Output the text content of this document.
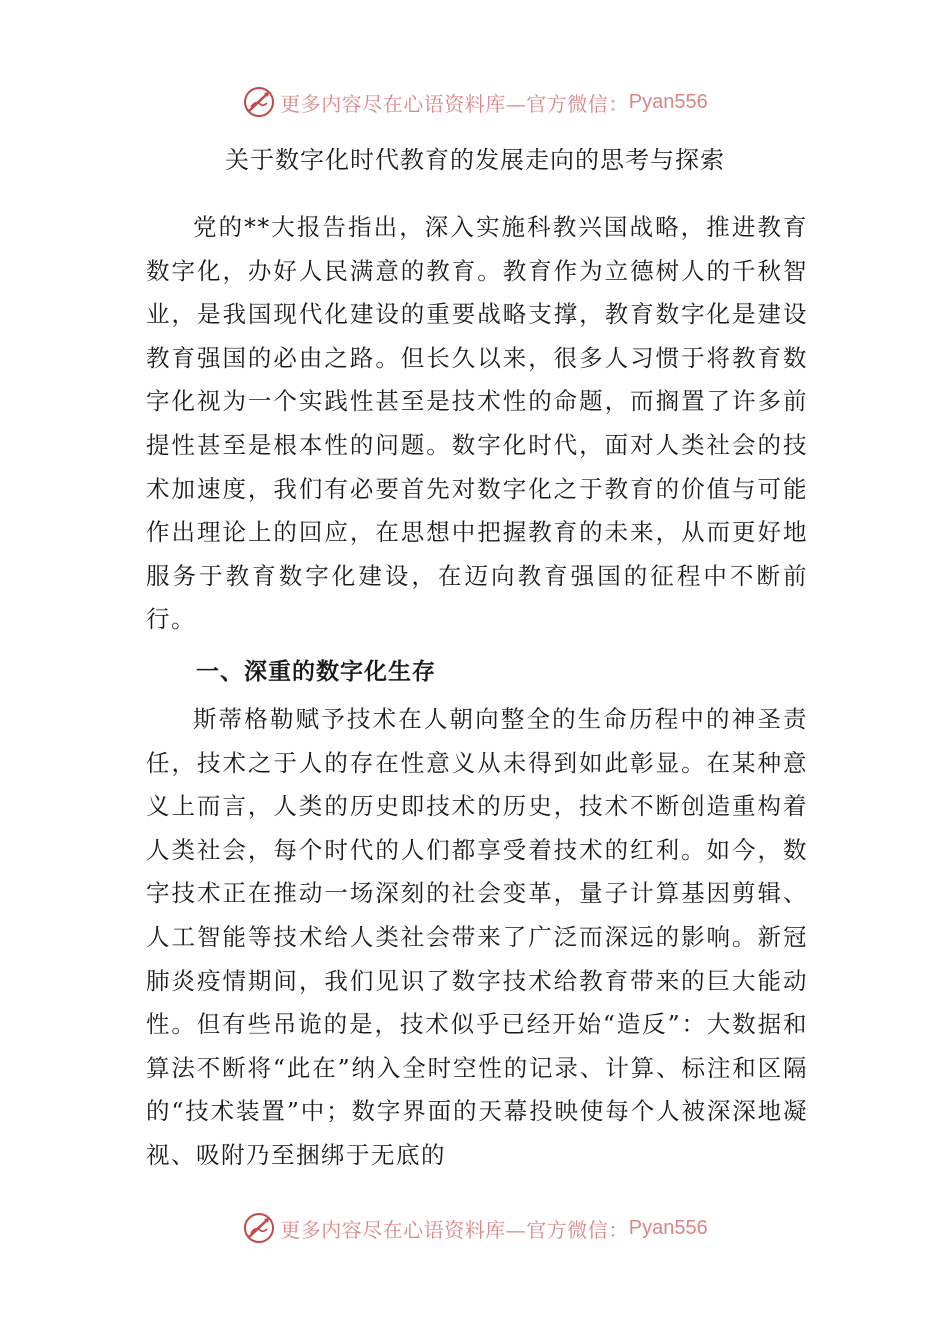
更多内容尽在心语资料库—官方微信： Pyan556
关于数字化时代教育的发展走向的思考与探索

党的**大报告指出，深入实施科教兴国战略，推进教育数字化，办好人民满意的教育。教育作为立德树人的千秋智业，是我国现代化建设的重要战略支撑，教育数字化是建设教育强国的必由之路。但长久以来，很多人习惯于将教育数字化视为一个实践性甚至是技术性的命题，而搁置了许多前提性甚至是根本性的问题。数字化时代，面对人类社会的技术加速度，我们有必要首先对数字化之于教育的价值与可能作出理论上的回应，在思想中把握教育的未来，从而更好地服务于教育数字化建设，在迈向教育强国的征程中不断前行。

一、深重的数字化生存

斯蒂格勒赋予技术在人朝向整全的生命历程中的神圣责任，技术之于人的存在性意义从未得到如此彰显。在某种意义上而言，人类的历史即技术的历史，技术不断创造重构着人类社会，每个时代的人们都享受着技术的红利。如今，数字技术正在推动一场深刻的社会变革，量子计算基因剪辑、人工智能等技术给人类社会带来了广泛而深远的影响。新冠肺炎疫情期间，我们见识了数字技术给教育带来的巨大能动性。但有些吊诡的是，技术似乎已经开始“造反”：大数据和算法不断将“此在”纳入全时空性的记录、计算、标注和区隔的“技术装置”中；数字界面的天幕投映使每个人被深深地凝视、吸附乃至捆绑于无底的

更多内容尽在心语资料库—官方微信： Pyan556
